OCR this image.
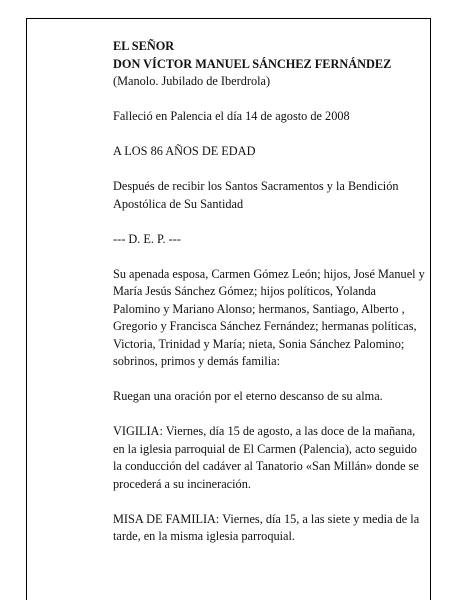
EL SEÑOR

DON VÍCTOR MANUEL SÁNCHEZ FERNÁNDEZ

(Manolo. Jubilado de Iberdrola)

Falleció en Palencia el día 14 de agosto de 2008

A LOS 86 AÑOS DE EDAD

Después de recibir los Santos Sacramentos y la Bendición Apostólica de Su Santidad

--- D. E. P. ---

Su apenada esposa, Carmen Gómez León; hijos, José Manuel y María Jesús Sánchez Gómez; hijos políticos, Yolanda Palomino y Mariano Alonso; hermanos, Santiago, Alberto , Gregorio y Francisca Sánchez Fernández; hermanas políticas, Victoria, Trinidad y María; nieta, Sonia Sánchez Palomino; sobrinos, primos y demás familia:

Ruegan una oración por el eterno descanso de su alma.

VIGILIA: Viernes, día 15 de agosto, a las doce de la mañana, en la iglesia parroquial de El Carmen (Palencia), acto seguido la conducción del cadáver al Tanatorio «San Millán» donde se procederá a su incineración.

MISA DE FAMILIA: Viernes, día 15, a las siete y media de la tarde, en la misma iglesia parroquial.
